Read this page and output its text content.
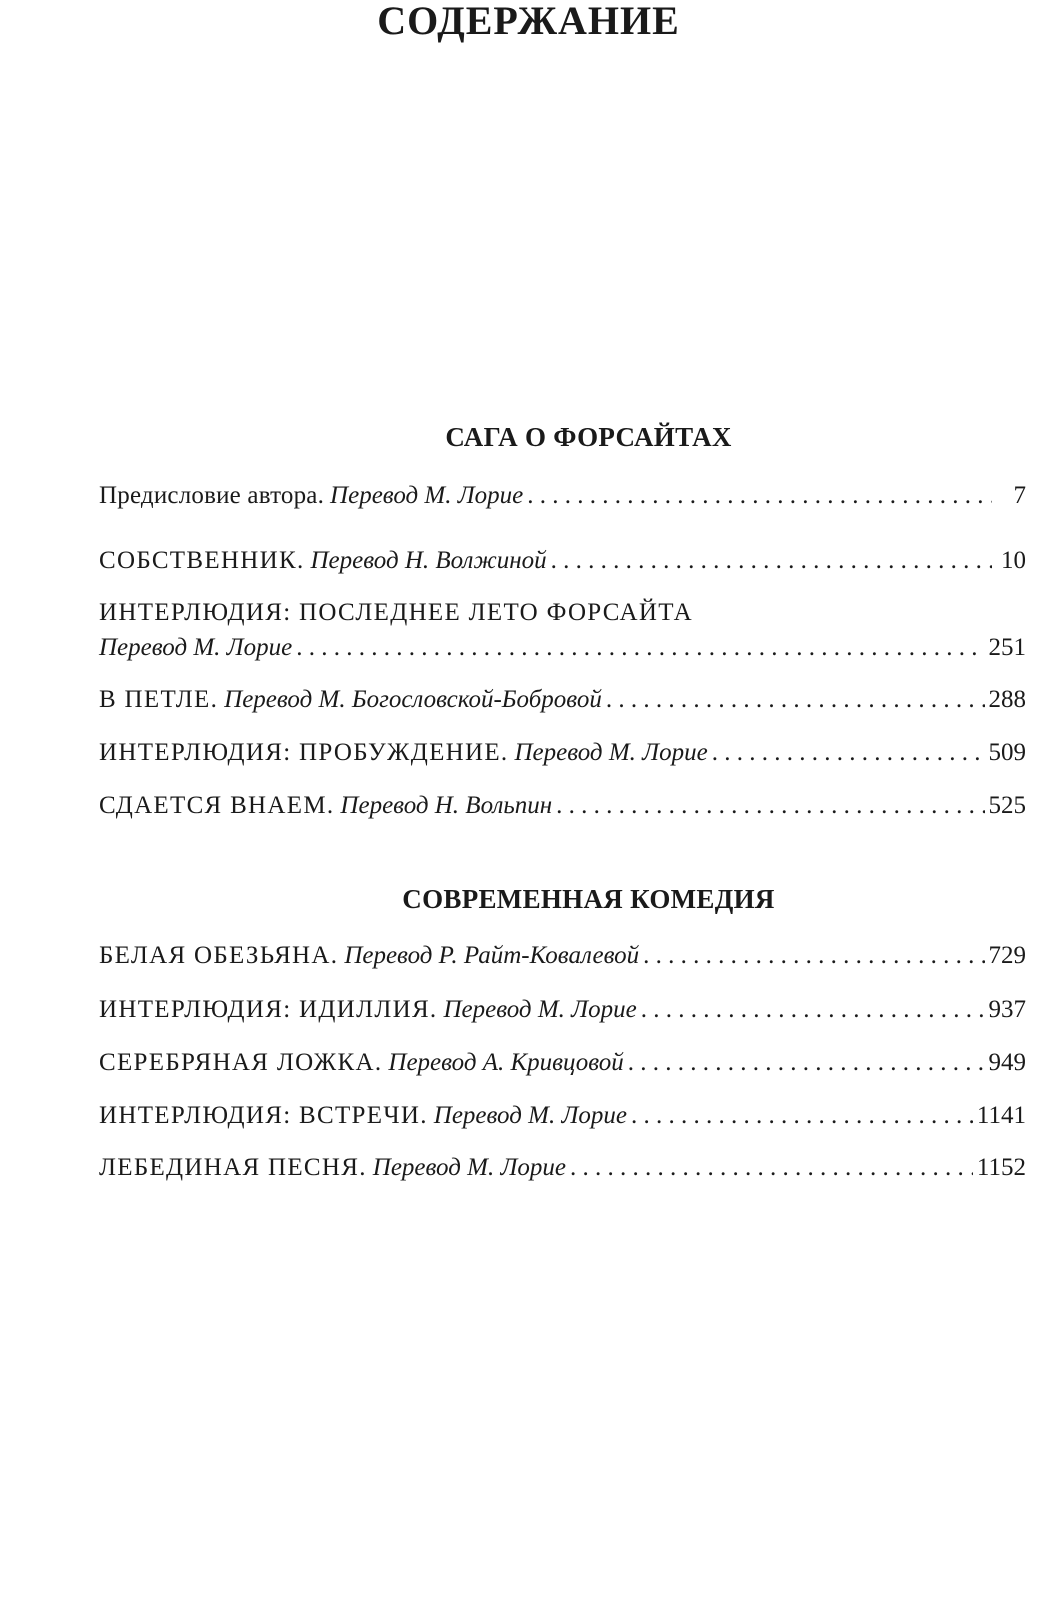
СОДЕРЖАНИЕ
САГА О ФОРСАЙТАХ
Предисловие автора. Перевод М. Лорие . . .	7
СОБСТВЕННИК. Перевод Н. Волжиной . . .	10
ИНТЕРЛЮДИЯ: ПОСЛЕДНЕЕ ЛЕТО ФОРСАЙТА
Перевод М. Лорие . . .	251
В ПЕТЛЕ. Перевод М. Богословской-Бобровой . . .	288
ИНТЕРЛЮДИЯ: ПРОБУЖДЕНИЕ. Перевод М. Лорие . . .	509
СДАЕТСЯ ВНАЕМ. Перевод Н. Вольпин . . .	525
СОВРЕМЕННАЯ КОМЕДИЯ
БЕЛАЯ ОБЕЗЬЯНА. Перевод Р. Райт-Ковалевой . . .	729
ИНТЕРЛЮДИЯ: ИДИЛЛИЯ. Перевод М. Лорие . . .	937
СЕРЕБРЯНАЯ ЛОЖКА. Перевод А. Кривцовой . . .	949
ИНТЕРЛЮДИЯ: ВСТРЕЧИ. Перевод М. Лорие . . .	1141
ЛЕБЕДИНАЯ ПЕСНЯ. Перевод М. Лорие . . .	1152
